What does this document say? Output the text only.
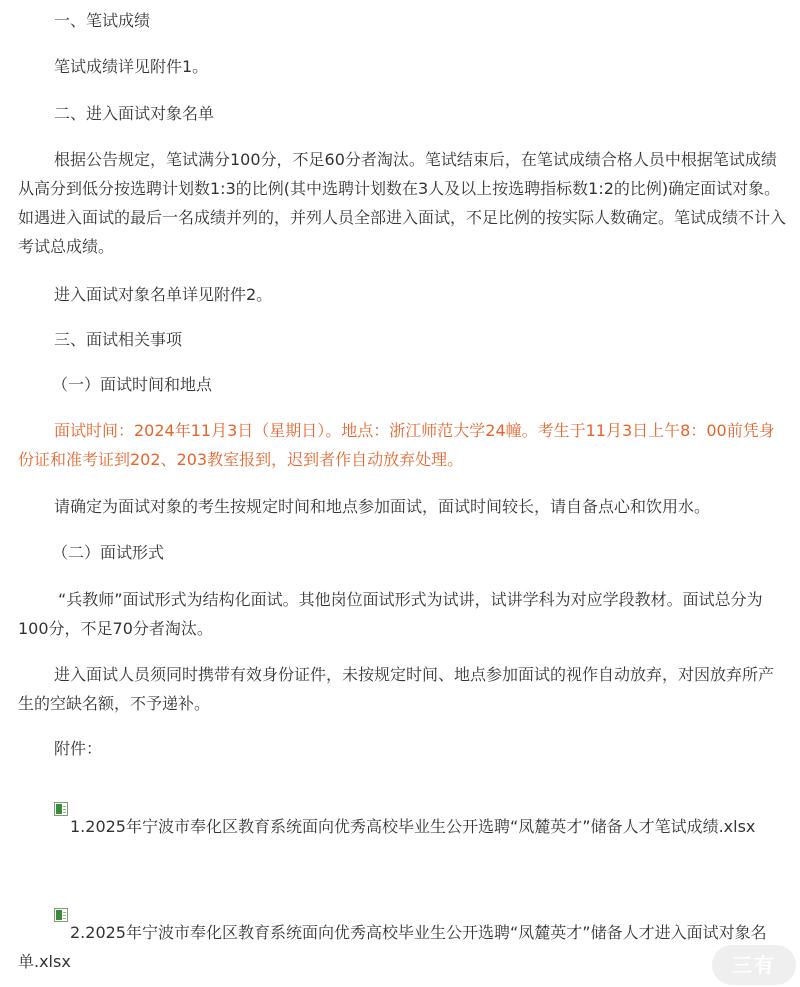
一、笔试成绩

笔试成绩详见附件1。

二、进入面试对象名单

根据公告规定，笔试满分100分，不足60分者淘汰。笔试结束后，在笔试成绩合格人员中根据笔试成绩从高分到低分按选聘计划数1:3的比例(其中选聘计划数在3人及以上按选聘指标数1:2的比例)确定面试对象。如遇进入面试的最后一名成绩并列的，并列人员全部进入面试，不足比例的按实际人数确定。笔试成绩不计入考试总成绩。

进入面试对象名单详见附件2。

三、面试相关事项

（一）面试时间和地点

面试时间：2024年11月3日（星期日）。地点：浙江师范大学24幢。考生于11月3日上午8：00前凭身份证和准考证到202、203教室报到，迟到者作自动放弃处理。

请确定为面试对象的考生按规定时间和地点参加面试，面试时间较长，请自备点心和饮用水。

（二）面试形式

“兵教师”面试形式为结构化面试。其他岗位面试形式为试讲，试讲学科为对应学段教材。面试总分为100分，不足70分者淘汰。

进入面试人员须同时携带有效身份证件，未按规定时间、地点参加面试的视作自动放弃，对因放弃所产生的空缺名额，不予递补。

附件：

1.2025年宁波市奉化区教育系统面向优秀高校毕业生公开选聘“凤麓英才”储备人才笔试成绩.xlsx
2.2025年宁波市奉化区教育系统面向优秀高校毕业生公开选聘“凤麓英才”储备人才进入面试对象名单.xlsx	三有
